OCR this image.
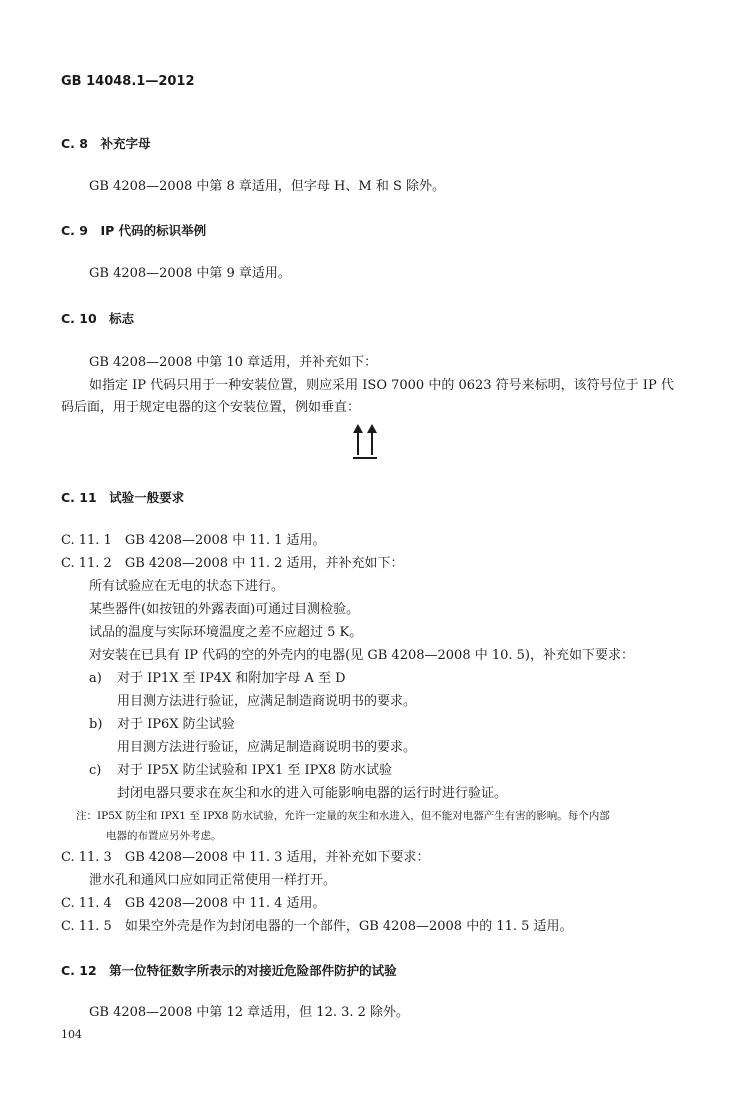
GB 14048.1—2012
C. 8　补充字母
GB 4208—2008 中第 8 章适用，但字母 H、M 和 S 除外。
C. 9　IP 代码的标识举例
GB 4208—2008 中第 9 章适用。
C. 10　标志
GB 4208—2008 中第 10 章适用，并补充如下：
如指定 IP 代码只用于一种安装位置，则应采用 ISO 7000 中的 0623 符号来标明，该符号位于 IP 代
码后面，用于规定电器的这个安装位置，例如垂直：
C. 11　试验一般要求
C. 11. 1　GB 4208—2008 中 11. 1 适用。
C. 11. 2　GB 4208—2008 中 11. 2 适用，并补充如下：
所有试验应在无电的状态下进行。
某些器件(如按钮的外露表面)可通过目测检验。
试品的温度与实际环境温度之差不应超过 5 K。
对安装在已具有 IP 代码的空的外壳内的电器(见 GB 4208—2008 中 10. 5)，补充如下要求：
a) 对于 IP1X 至 IP4X 和附加字母 A 至 D
用目测方法进行验证，应满足制造商说明书的要求。
b) 对于 IP6X 防尘试验
用目测方法进行验证，应满足制造商说明书的要求。
c) 对于 IP5X 防尘试验和 IPX1 至 IPX8 防水试验
封闭电器只要求在灰尘和水的进入可能影响电器的运行时进行验证。
注：IP5X 防尘和 IPX1 至 IPX8 防水试验，允许一定量的灰尘和水进入，但不能对电器产生有害的影响。每个内部
电器的布置应另外考虑。
C. 11. 3　GB 4208—2008 中 11. 3 适用，并补充如下要求：
泄水孔和通风口应如同正常使用一样打开。
C. 11. 4　GB 4208—2008 中 11. 4 适用。
C. 11. 5　如果空外壳是作为封闭电器的一个部件，GB 4208—2008 中的 11. 5 适用。
C. 12　第一位特征数字所表示的对接近危险部件防护的试验
GB 4208—2008 中第 12 章适用，但 12. 3. 2 除外。
104
